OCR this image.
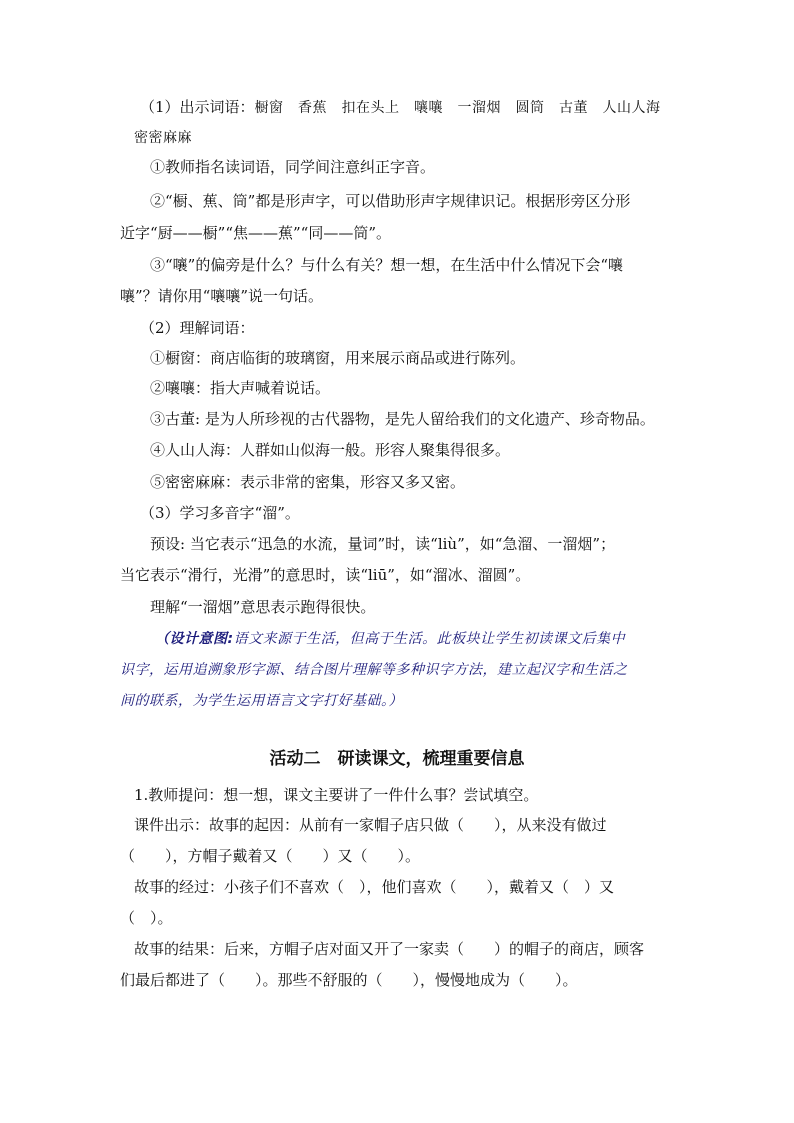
（1）出示词语：橱窗　香蕉　扣在头上　嚷嚷　一溜烟　圆筒　古董　人山人海
密密麻麻
①教师指名读词语，同学间注意纠正字音。
②“橱、蕉、筒”都是形声字，可以借助形声字规律识记。根据形旁区分形
近字“厨——橱”“焦——蕉”“同——筒”。
③“嚷”的偏旁是什么？与什么有关？想一想，在生活中什么情况下会“嚷
嚷”？请你用“嚷嚷”说一句话。
（2）理解词语：
①橱窗：商店临街的玻璃窗，用来展示商品或进行陈列。
②嚷嚷：指大声喊着说话。
③古董: 是为人所珍视的古代器物，是先人留给我们的文化遗产、珍奇物品。
④人山人海：人群如山似海一般。形容人聚集得很多。
⑤密密麻麻：表示非常的密集，形容又多又密。
（3）学习多音字“溜”。
预设: 当它表示“迅急的水流，量词”时，读“liù”，如“急溜、一溜烟”；
当它表示“滑行，光滑”的意思时，读“liū”，如“溜冰、溜圆”。
理解“一溜烟”意思表示跑得很快。
（设计意图:语文来源于生活，但高于生活。此板块让学生初读课文后集中
识字，运用追溯象形字源、结合图片理解等多种识字方法，建立起汉字和生活之
间的联系，为学生运用语言文字打好基础。）
活动二　研读课文，梳理重要信息
1.教师提问：想一想，课文主要讲了一件什么事？尝试填空。
课件出示：故事的起因：从前有一家帽子店只做（　　），从来没有做过
（　　），方帽子戴着又（　　）又（　　）。
故事的经过：小孩子们不喜欢（　），他们喜欢（　　），戴着又（　）又
（　）。
故事的结果：后来，方帽子店对面又开了一家卖（　　）的帽子的商店，顾客
们最后都进了（　　）。那些不舒服的（　　），慢慢地成为（　　）。
